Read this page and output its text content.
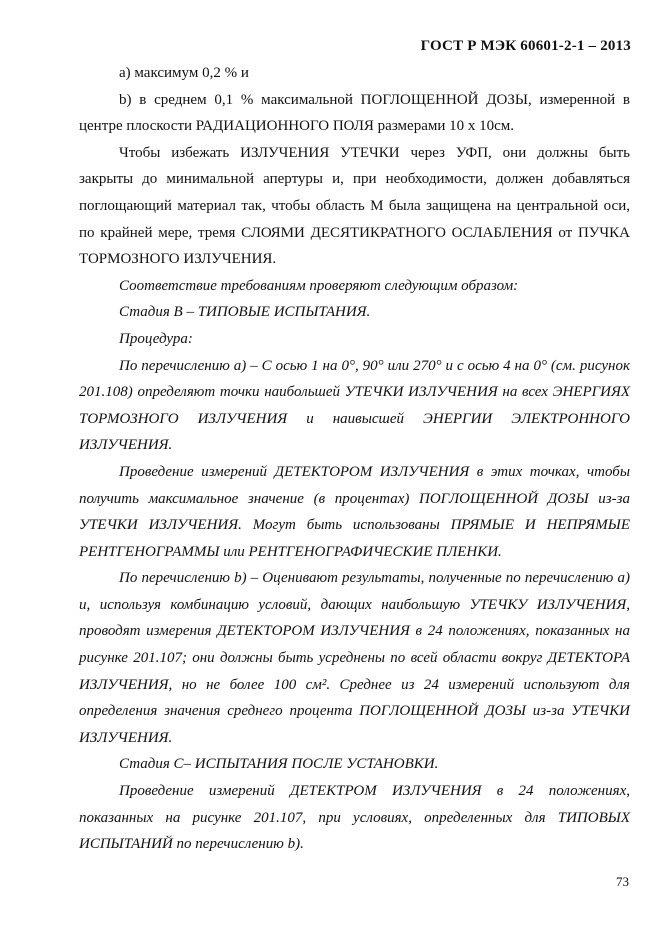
ГОСТ Р МЭК 60601-2-1 – 2013

а) максимум 0,2 % и

b) в среднем 0,1 % максимальной ПОГЛОЩЕННОЙ ДОЗЫ, измеренной в центре плоскости РАДИАЦИОННОГО ПОЛЯ размерами 10 х 10см.

Чтобы избежать ИЗЛУЧЕНИЯ УТЕЧКИ через УФП, они должны быть закрыты до минимальной апертуры и, при необходимости, должен добавляться поглощающий материал так, чтобы область М была защищена на центральной оси, по крайней мере, тремя СЛОЯМИ ДЕСЯТИКРАТНОГО ОСЛАБЛЕНИЯ от ПУЧКА ТОРМОЗНОГО ИЗЛУЧЕНИЯ.

Соответствие требованиям проверяют следующим образом:

Стадия В – ТИПОВЫЕ ИСПЫТАНИЯ.

Процедура:

По перечислению а) – С осью 1 на 0°, 90° или 270° и с осью 4 на 0° (см. рисунок 201.108) определяют точки наибольшей УТЕЧКИ ИЗЛУЧЕНИЯ на всех ЭНЕРГИЯХ ТОРМОЗНОГО ИЗЛУЧЕНИЯ и наивысшей ЭНЕРГИИ ЭЛЕКТРОННОГО ИЗЛУЧЕНИЯ.

Проведение измерений ДЕТЕКТОРОМ ИЗЛУЧЕНИЯ в этих точках, чтобы получить максимальное значение (в процентах) ПОГЛОЩЕННОЙ ДОЗЫ из-за УТЕЧКИ ИЗЛУЧЕНИЯ. Могут быть использованы ПРЯМЫЕ И НЕПРЯМЫЕ РЕНТГЕНОГРАММЫ или РЕНТГЕНОГРАФИЧЕСКИЕ ПЛЕНКИ.

По перечислению b) – Оценивают результаты, полученные по перечислению а) и, используя комбинацию условий, дающих наибольшую УТЕЧКУ ИЗЛУЧЕНИЯ, проводят измерения ДЕТЕКТОРОМ ИЗЛУЧЕНИЯ в 24 положениях, показанных на рисунке 201.107; они должны быть усреднены по всей области вокруг ДЕТЕКТОРА ИЗЛУЧЕНИЯ, но не более 100 см². Среднее из 24 измерений используют для определения значения среднего процента ПОГЛОЩЕННОЙ ДОЗЫ из-за УТЕЧКИ ИЗЛУЧЕНИЯ.

Стадия С– ИСПЫТАНИЯ ПОСЛЕ УСТАНОВКИ.

Проведение измерений ДЕТЕКТРОМ ИЗЛУЧЕНИЯ в 24 положениях, показанных на рисунке 201.107, при условиях, определенных для ТИПОВЫХ ИСПЫТАНИЙ по перечислению b).

73
